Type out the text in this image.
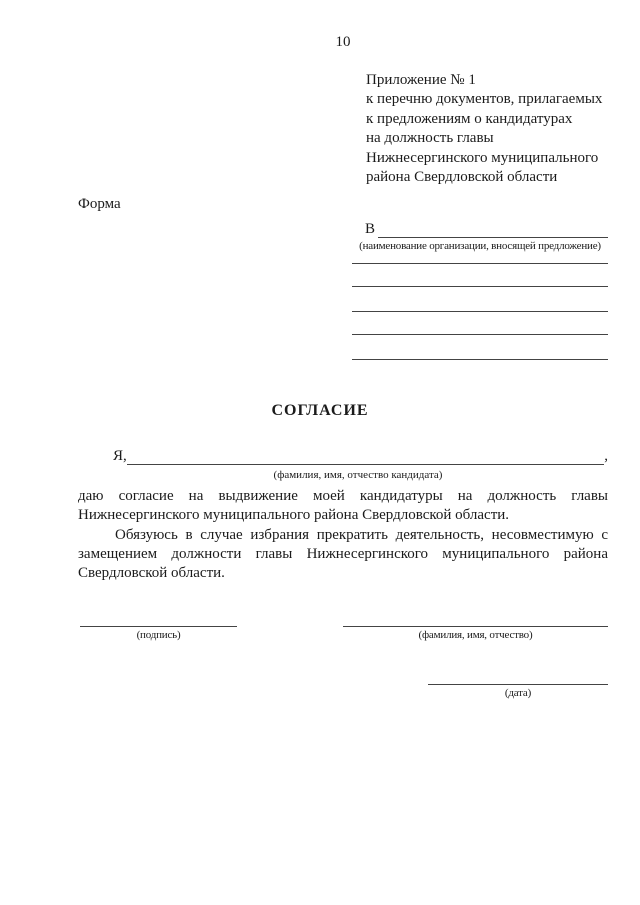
10
Приложение № 1
к перечню документов, прилагаемых
к предложениям о кандидатурах
на должность главы
Нижнесергинского муниципального
района Свердловской области
Форма
В
(наименование организации, вносящей предложение)
СОГЛАСИЕ
Я,	,
(фамилия, имя, отчество кандидата)

даю согласие на выдвижение моей кандидатуры на должность главы Нижнесергинского муниципального района Свердловской области.

Обязуюсь в случае избрания прекратить деятельность, несовместимую с замещением должности главы Нижнесергинского муниципального района Свердловской области.

(подпись)	(фамилия, имя, отчество)
(дата)
